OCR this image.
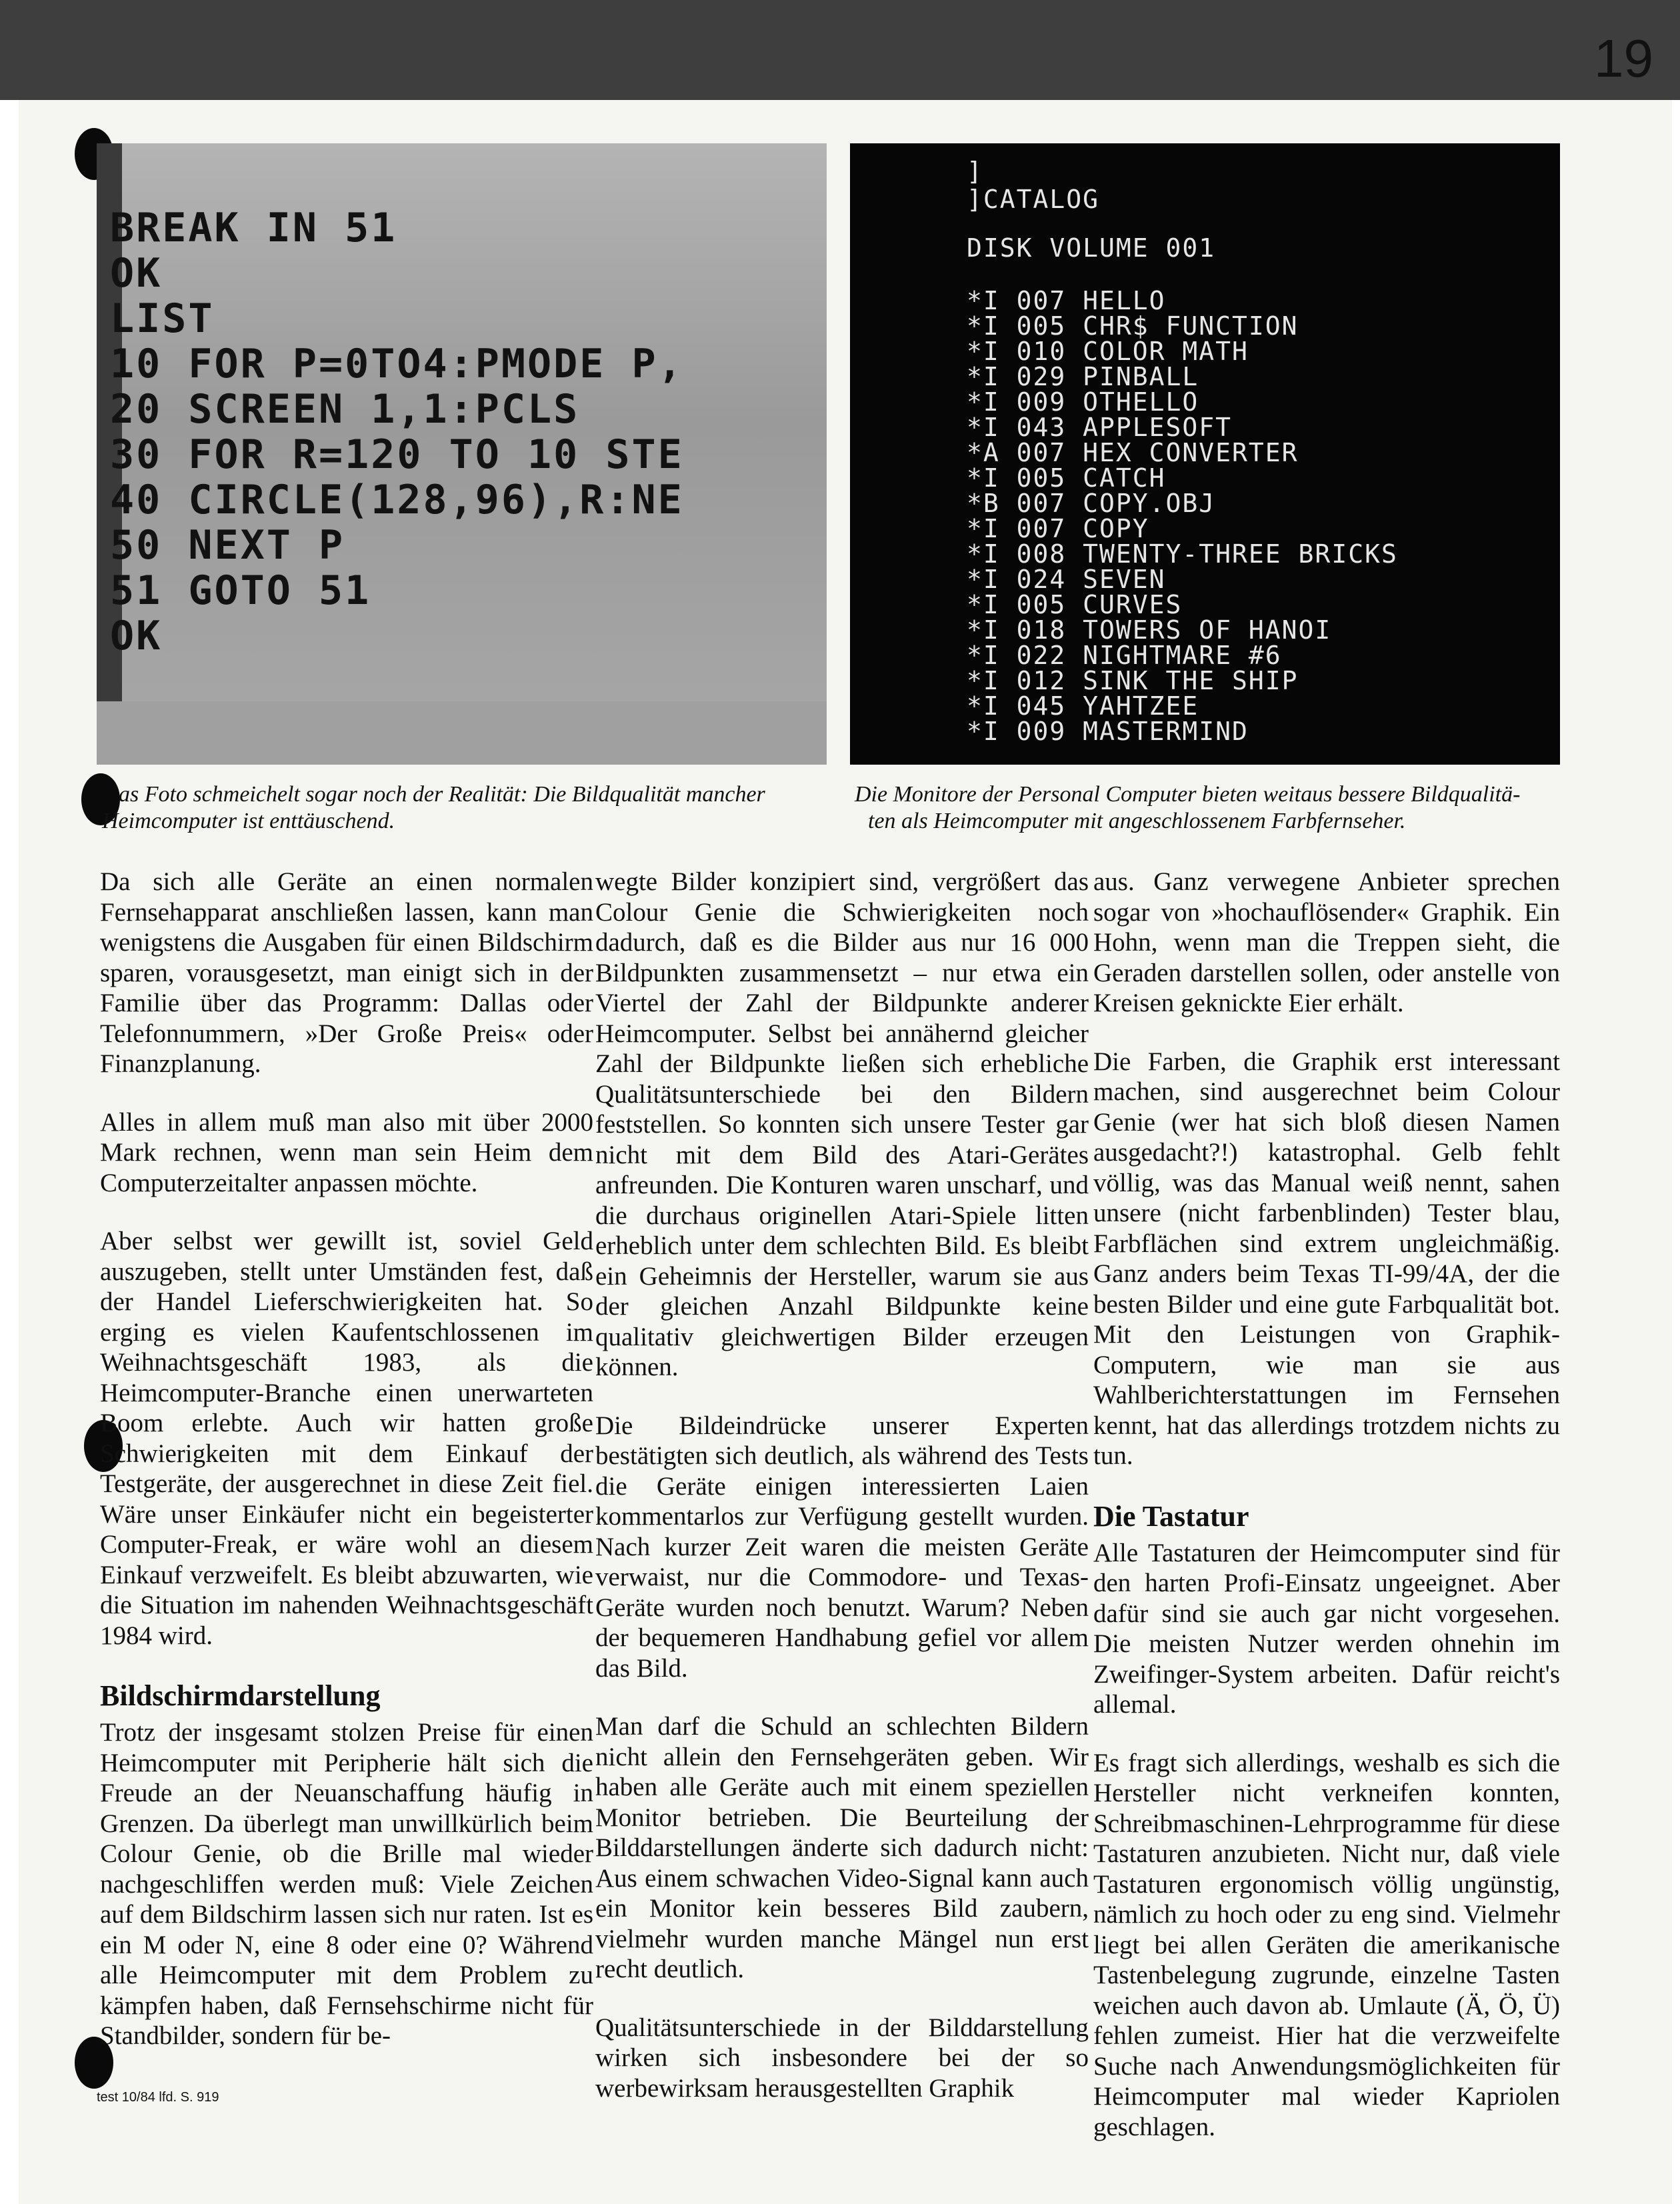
19
BREAK IN 51
OK
LIST
10 FOR P=0TO4:PMODE P,
20 SCREEN 1,1:PCLS
30 FOR R=120 TO 10 STE
40 CIRCLE(128,96),R:NE
50 NEXT P
51 GOTO 51
OK
]
]CATALOG
DISK VOLUME 001
*I 007 HELLO
*I 005 CHR$ FUNCTION
*I 010 COLOR MATH
*I 029 PINBALL
*I 009 OTHELLO
*I 043 APPLESOFT
*A 007 HEX CONVERTER
*I 005 CATCH
*B 007 COPY.OBJ
*I 007 COPY
*I 008 TWENTY-THREE BRICKS
*I 024 SEVEN
*I 005 CURVES
*I 018 TOWERS OF HANOI
*I 022 NIGHTMARE #6
*I 012 SINK THE SHIP
*I 045 YAHTZEE
*I 009 MASTERMIND
as Foto schmeichelt sogar noch der Realität: Die Bildqualität mancher
Heimcomputer ist enttäuschend.
Die Monitore der Personal Computer bieten weitaus bessere Bildqualitä-
ten als Heimcomputer mit angeschlossenem Farbfernseher.

Da sich alle Geräte an einen normalen Fernsehapparat anschließen lassen, kann man wenigstens die Ausgaben für einen Bildschirm sparen, vorausgesetzt, man einigt sich in der Familie über das Programm: Dallas oder Telefonnummern, »Der Große Preis« oder Finanzplanung.

Alles in allem muß man also mit über 2000 Mark rechnen, wenn man sein Heim dem Computerzeitalter anpassen möchte.

Aber selbst wer gewillt ist, soviel Geld auszugeben, stellt unter Umständen fest, daß der Handel Lieferschwierigkeiten hat. So erging es vielen Kaufentschlossenen im Weihnachtsgeschäft 1983, als die Heimcomputer-Branche einen unerwarteten Boom erlebte. Auch wir hatten große Schwierigkeiten mit dem Einkauf der Testgeräte, der ausgerechnet in diese Zeit fiel. Wäre unser Einkäufer nicht ein begeisterter Computer-Freak, er wäre wohl an diesem Einkauf verzweifelt. Es bleibt abzuwarten, wie die Situation im nahenden Weihnachtsgeschäft 1984 wird.

Bildschirmdarstellung

Trotz der insgesamt stolzen Preise für einen Heimcomputer mit Peripherie hält sich die Freude an der Neuanschaffung häufig in Grenzen. Da überlegt man unwillkürlich beim Colour Genie, ob die Brille mal wieder nachgeschliffen werden muß: Viele Zeichen auf dem Bildschirm lassen sich nur raten. Ist es ein M oder N, eine 8 oder eine 0? Während alle Heimcomputer mit dem Problem zu kämpfen haben, daß Fernsehschirme nicht für Standbilder, sondern für be-

wegte Bilder konzipiert sind, vergrößert das Colour Genie die Schwierigkeiten noch dadurch, daß es die Bilder aus nur 16 000 Bildpunkten zusammensetzt – nur etwa ein Viertel der Zahl der Bildpunkte anderer Heimcomputer. Selbst bei annähernd gleicher Zahl der Bildpunkte ließen sich erhebliche Qualitätsunterschiede bei den Bildern feststellen. So konnten sich unsere Tester gar nicht mit dem Bild des Atari-Gerätes anfreunden. Die Konturen waren unscharf, und die durchaus originellen Atari-Spiele litten erheblich unter dem schlechten Bild. Es bleibt ein Geheimnis der Hersteller, warum sie aus der gleichen Anzahl Bildpunkte keine qualitativ gleichwertigen Bilder erzeugen können.

Die Bildeindrücke unserer Experten bestätigten sich deutlich, als während des Tests die Geräte einigen interessierten Laien kommentarlos zur Verfügung gestellt wurden. Nach kurzer Zeit waren die meisten Geräte verwaist, nur die Commodore- und Texas-Geräte wurden noch benutzt. Warum? Neben der bequemeren Handhabung gefiel vor allem das Bild.

Man darf die Schuld an schlechten Bildern nicht allein den Fernsehgeräten geben. Wir haben alle Geräte auch mit einem speziellen Monitor betrieben. Die Beurteilung der Bilddarstellungen änderte sich dadurch nicht: Aus einem schwachen Video-Signal kann auch ein Monitor kein besseres Bild zaubern, vielmehr wurden manche Mängel nun erst recht deutlich.

Qualitätsunterschiede in der Bilddarstellung wirken sich insbesondere bei der so werbewirksam herausgestellten Graphik

aus. Ganz verwegene Anbieter sprechen sogar von »hochauflösender« Graphik. Ein Hohn, wenn man die Treppen sieht, die Geraden darstellen sollen, oder anstelle von Kreisen geknickte Eier erhält.

Die Farben, die Graphik erst interessant machen, sind ausgerechnet beim Colour Genie (wer hat sich bloß diesen Namen ausgedacht?!) katastrophal. Gelb fehlt völlig, was das Manual weiß nennt, sahen unsere (nicht farbenblinden) Tester blau, Farbflächen sind extrem ungleichmäßig. Ganz anders beim Texas TI-99/4A, der die besten Bilder und eine gute Farbqualität bot. Mit den Leistungen von Graphik-Computern, wie man sie aus Wahlberichterstattungen im Fernsehen kennt, hat das allerdings trotzdem nichts zu tun.

Die Tastatur

Alle Tastaturen der Heimcomputer sind für den harten Profi-Einsatz ungeeignet. Aber dafür sind sie auch gar nicht vorgesehen. Die meisten Nutzer werden ohnehin im Zweifinger-System arbeiten. Dafür reicht's allemal.

Es fragt sich allerdings, weshalb es sich die Hersteller nicht verkneifen konnten, Schreibmaschinen-Lehrprogramme für diese Tastaturen anzubieten. Nicht nur, daß viele Tastaturen ergonomisch völlig ungünstig, nämlich zu hoch oder zu eng sind. Vielmehr liegt bei allen Geräten die amerikanische Tastenbelegung zugrunde, einzelne Tasten weichen auch davon ab. Umlaute (Ä, Ö, Ü) fehlen zumeist. Hier hat die verzweifelte Suche nach Anwendungsmöglichkeiten für Heimcomputer mal wieder Kapriolen geschlagen.

test 10/84 lfd. S. 919
